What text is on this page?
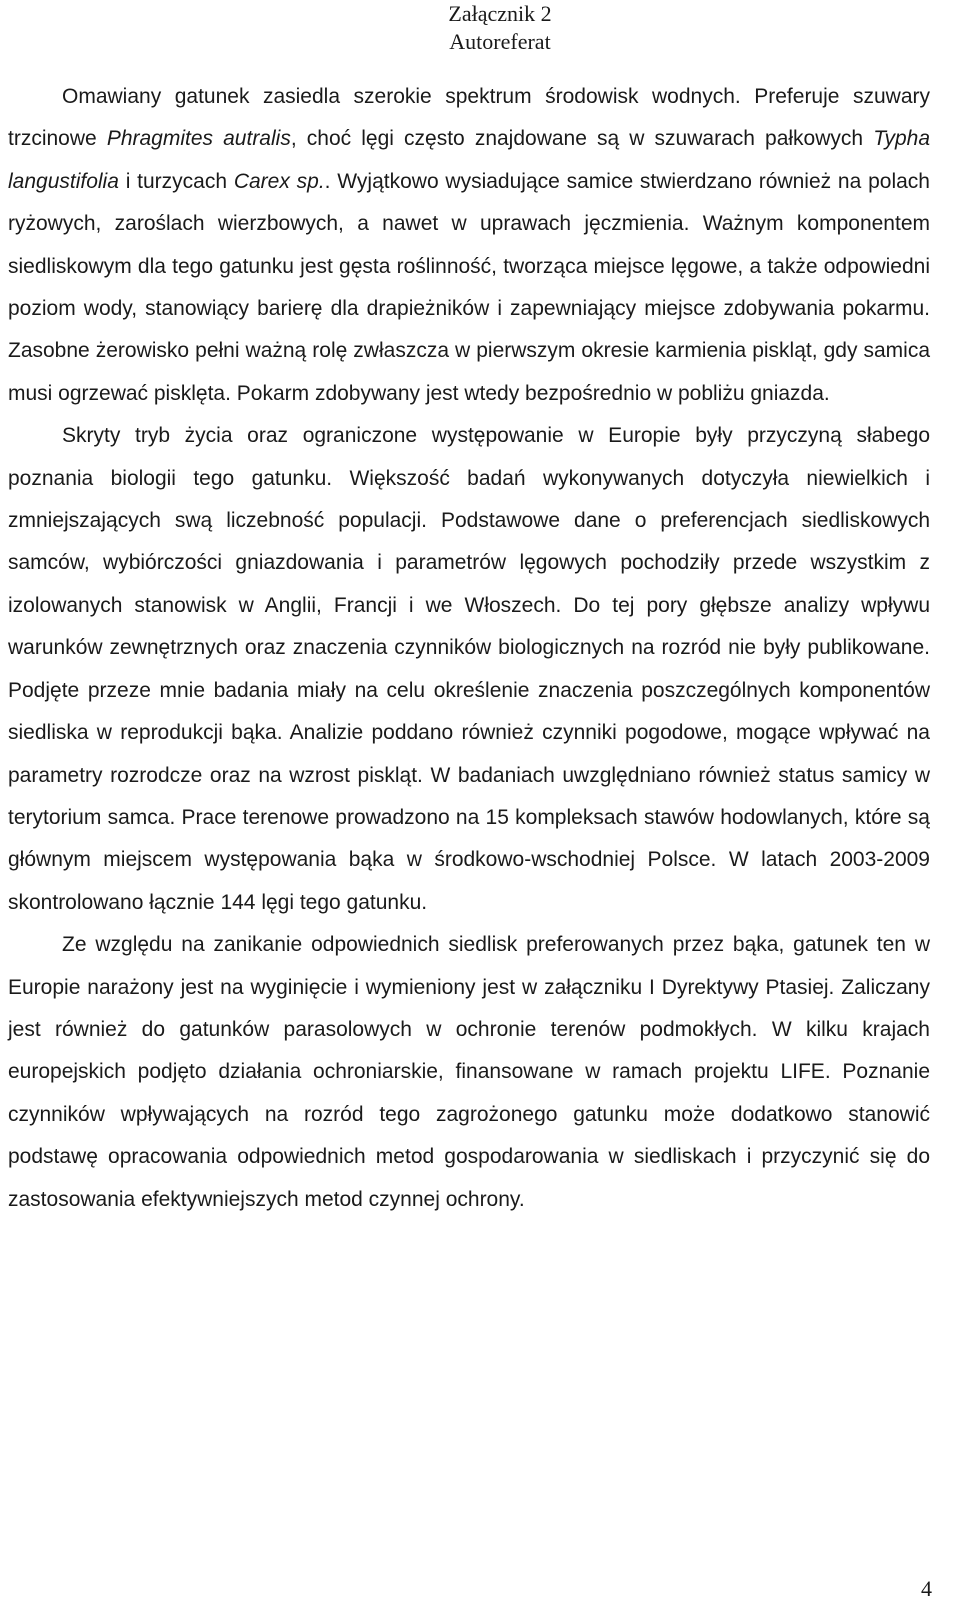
Załącznik 2
Autoreferat

Omawiany gatunek zasiedla szerokie spektrum środowisk wodnych. Preferuje szuwary trzcinowe Phragmites autralis, choć lęgi często znajdowane są w szuwarach pałkowych Typha langustifolia i turzycach Carex sp.. Wyjątkowo wysiadujące samice stwierdzano również na polach ryżowych, zaroślach wierzbowych, a nawet w uprawach jęczmienia. Ważnym komponentem siedliskowym dla tego gatunku jest gęsta roślinność, tworząca miejsce lęgowe, a także odpowiedni poziom wody, stanowiący barierę dla drapieżników i zapewniający miejsce zdobywania pokarmu. Zasobne żerowisko pełni ważną rolę zwłaszcza w pierwszym okresie karmienia piskląt, gdy samica musi ogrzewać pisklęta. Pokarm zdobywany jest wtedy bezpośrednio w pobliżu gniazda.

Skryty tryb życia oraz ograniczone występowanie w Europie były przyczyną słabego poznania biologii tego gatunku. Większość badań wykonywanych dotyczyła niewielkich i zmniejszających swą liczebność populacji. Podstawowe dane o preferencjach siedliskowych samców, wybiórczości gniazdowania i parametrów lęgowych pochodziły przede wszystkim z izolowanych stanowisk w Anglii, Francji i we Włoszech. Do tej pory głębsze analizy wpływu warunków zewnętrznych oraz znaczenia czynników biologicznych na rozród nie były publikowane. Podjęte przeze mnie badania miały na celu określenie znaczenia poszczególnych komponentów siedliska w reprodukcji bąka. Analizie poddano również czynniki pogodowe, mogące wpływać na parametry rozrodcze oraz na wzrost piskląt. W badaniach uwzględniano również status samicy w terytorium samca. Prace terenowe prowadzono na 15 kompleksach stawów hodowlanych, które są głównym miejscem występowania bąka w środkowo-wschodniej Polsce. W latach 2003-2009 skontrolowano łącznie 144 lęgi tego gatunku.

Ze względu na zanikanie odpowiednich siedlisk preferowanych przez bąka, gatunek ten w Europie narażony jest na wyginięcie i wymieniony jest w załączniku I Dyrektywy Ptasiej. Zaliczany jest również do gatunków parasolowych w ochronie terenów podmokłych. W kilku krajach europejskich podjęto działania ochroniarskie, finansowane w ramach projektu LIFE. Poznanie czynników wpływających na rozród tego zagrożonego gatunku może dodatkowo stanowić podstawę opracowania odpowiednich metod gospodarowania w siedliskach i przyczynić się do zastosowania efektywniejszych metod czynnej ochrony.

4
